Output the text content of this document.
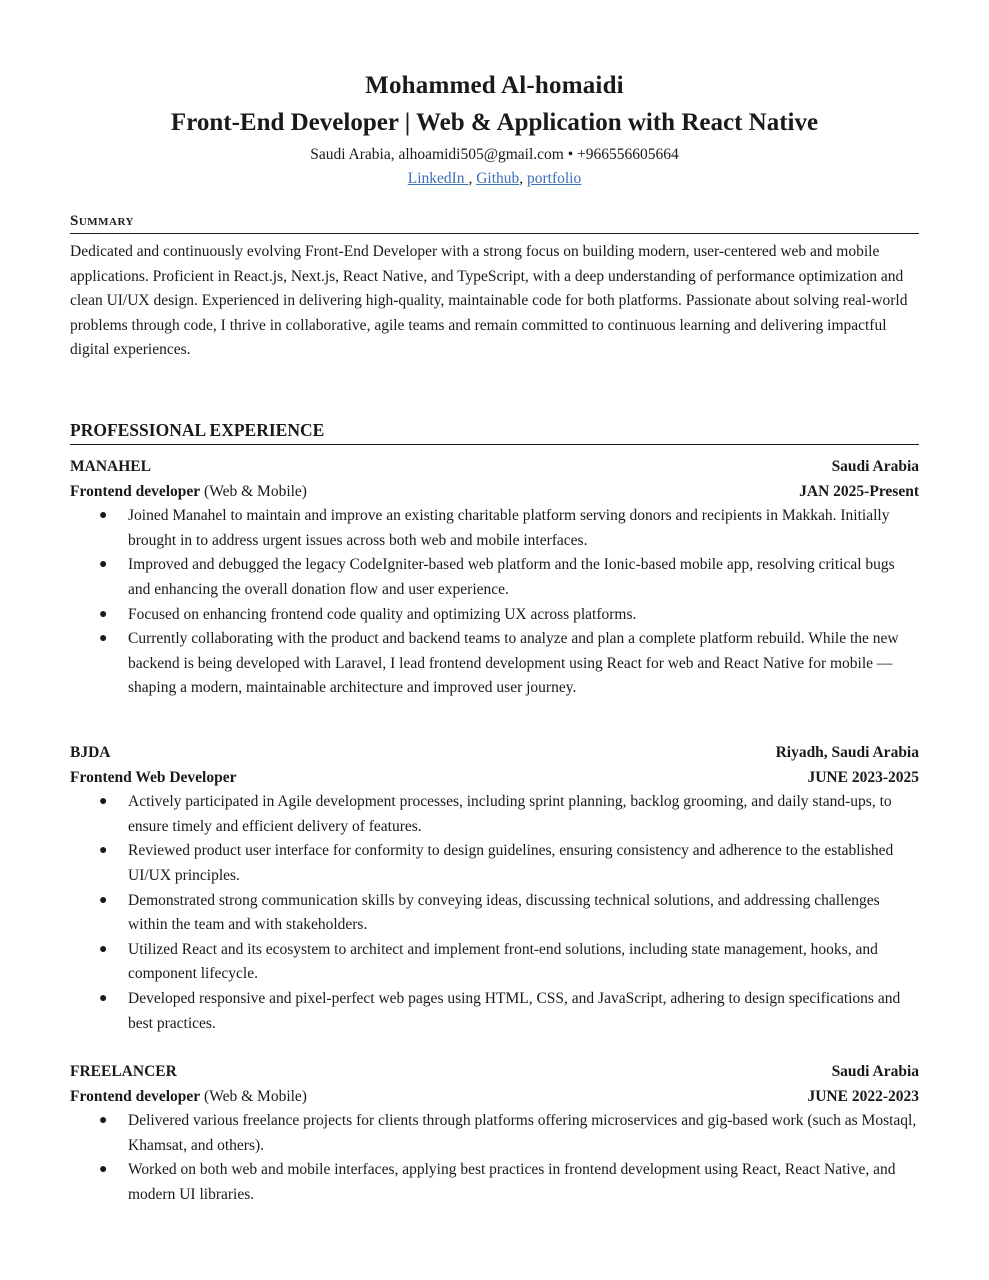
Mohammed Al-homaidi
Front-End Developer | Web & Application with React Native
Saudi Arabia, alhoamidi505@gmail.com • +966556605664
LinkedIn , Github, portfolio
Summary
Dedicated and continuously evolving Front-End Developer with a strong focus on building modern, user-centered web and mobile applications. Proficient in React.js, Next.js, React Native, and TypeScript, with a deep understanding of performance optimization and clean UI/UX design. Experienced in delivering high-quality, maintainable code for both platforms. Passionate about solving real-world problems through code, I thrive in collaborative, agile teams and remain committed to continuous learning and delivering impactful digital experiences.
PROFESSIONAL EXPERIENCE
MANAHEL	Saudi Arabia
Frontend developer (Web & Mobile)	JAN 2025-Present
● Joined Manahel to maintain and improve an existing charitable platform serving donors and recipients in Makkah. Initially brought in to address urgent issues across both web and mobile interfaces.
● Improved and debugged the legacy CodeIgniter-based web platform and the Ionic-based mobile app, resolving critical bugs and enhancing the overall donation flow and user experience.
● Focused on enhancing frontend code quality and optimizing UX across platforms.
● Currently collaborating with the product and backend teams to analyze and plan a complete platform rebuild. While the new backend is being developed with Laravel, I lead frontend development using React for web and React Native for mobile — shaping a modern, maintainable architecture and improved user journey.
BJDA	Riyadh, Saudi Arabia
Frontend Web Developer	JUNE 2023-2025
● Actively participated in Agile development processes, including sprint planning, backlog grooming, and daily stand-ups, to ensure timely and efficient delivery of features.
● Reviewed product user interface for conformity to design guidelines, ensuring consistency and adherence to the established UI/UX principles.
● Demonstrated strong communication skills by conveying ideas, discussing technical solutions, and addressing challenges within the team and with stakeholders.
● Utilized React and its ecosystem to architect and implement front-end solutions, including state management, hooks, and component lifecycle.
● Developed responsive and pixel-perfect web pages using HTML, CSS, and JavaScript, adhering to design specifications and best practices.
FREELANCER	Saudi Arabia
Frontend developer (Web & Mobile)	JUNE 2022-2023
● Delivered various freelance projects for clients through platforms offering microservices and gig-based work (such as Mostaql, Khamsat, and others).
● Worked on both web and mobile interfaces, applying best practices in frontend development using React, React Native, and modern UI libraries.
